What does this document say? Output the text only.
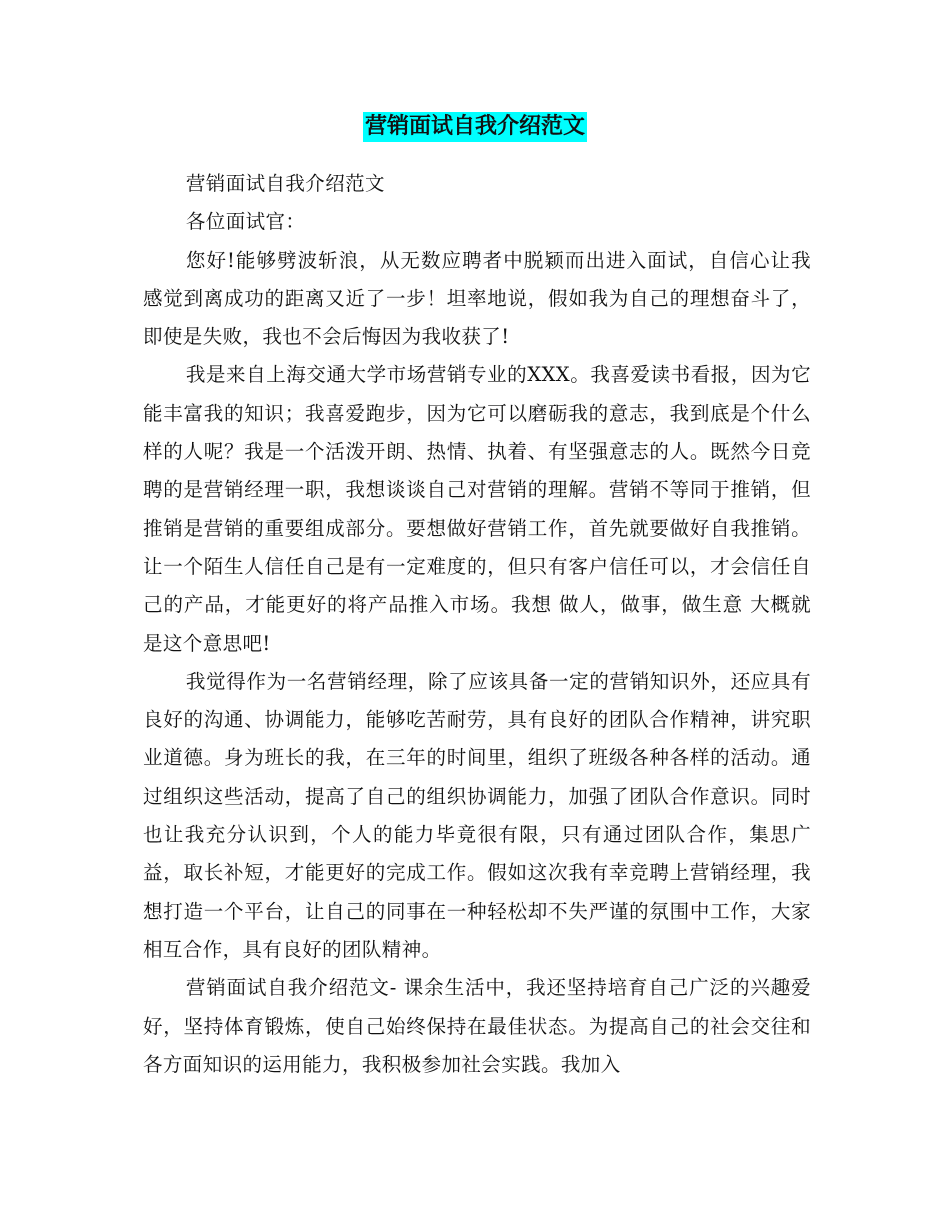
营销面试自我介绍范文

营销面试自我介绍范文

各位面试官：

您好!能够劈波斩浪，从无数应聘者中脱颖而出进入面试，自信心让我感觉到离成功的距离又近了一步！坦率地说，假如我为自己的理想奋斗了，即使是失败，我也不会后悔因为我收获了!

我是来自上海交通大学市场营销专业的XXX。我喜爱读书看报，因为它能丰富我的知识；我喜爱跑步，因为它可以磨砺我的意志，我到底是个什么样的人呢？我是一个活泼开朗、热情、执着、有坚强意志的人。既然今日竞聘的是营销经理一职，我想谈谈自己对营销的理解。营销不等同于推销，但推销是营销的重要组成部分。要想做好营销工作，首先就要做好自我推销。让一个陌生人信任自己是有一定难度的，但只有客户信任可以，才会信任自己的产品，才能更好的将产品推入市场。我想 做人，做事，做生意 大概就是这个意思吧!

我觉得作为一名营销经理，除了应该具备一定的营销知识外，还应具有良好的沟通、协调能力，能够吃苦耐劳，具有良好的团队合作精神，讲究职业道德。身为班长的我，在三年的时间里，组织了班级各种各样的活动。通过组织这些活动，提高了自己的组织协调能力，加强了团队合作意识。同时也让我充分认识到，个人的能力毕竟很有限，只有通过团队合作，集思广益，取长补短，才能更好的完成工作。假如这次我有幸竞聘上营销经理，我想打造一个平台，让自己的同事在一种轻松却不失严谨的氛围中工作，大家相互合作，具有良好的团队精神。

营销面试自我介绍范文- 课余生活中，我还坚持培育自己广泛的兴趣爱好，坚持体育锻炼，使自己始终保持在最佳状态。为提高自己的社会交往和各方面知识的运用能力，我积极参加社会实践。我加入
